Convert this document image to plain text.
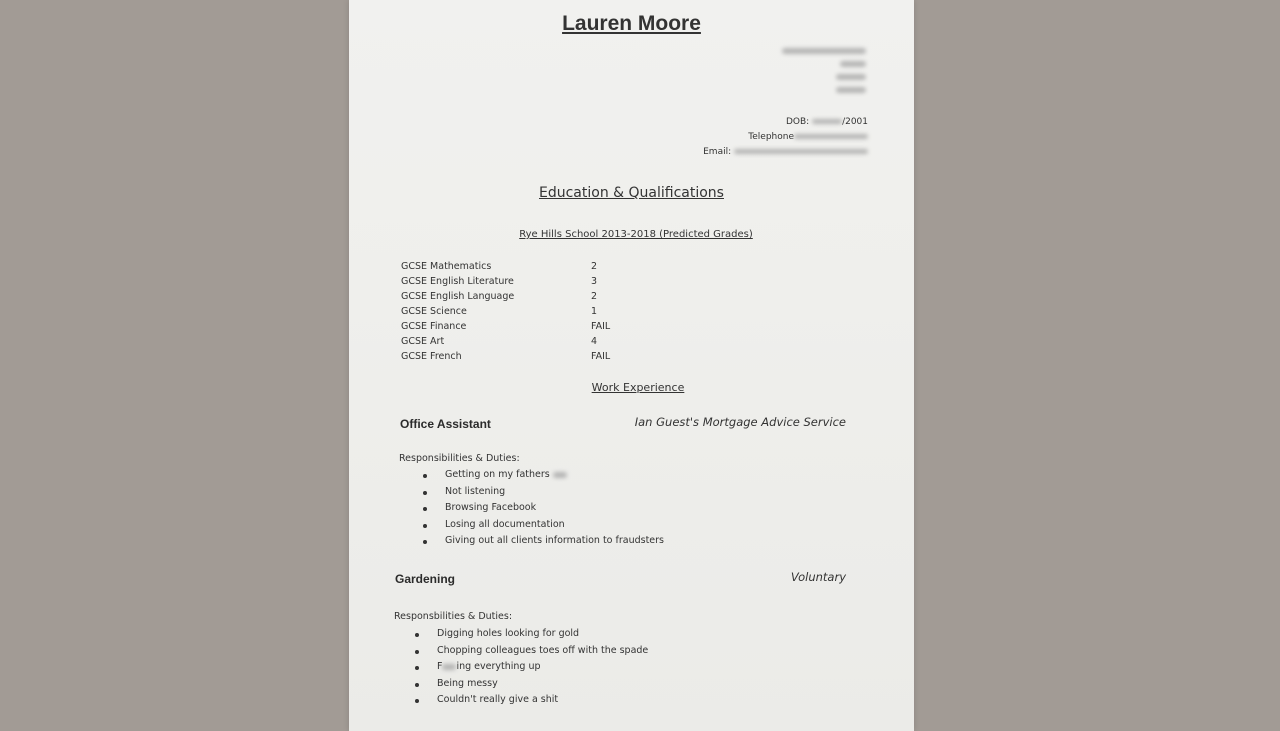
Lauren Moore
DOB:	/2001
Telephone
Email:
Education & Qualifications
Rye Hills School 2013-2018 (Predicted Grades)
GCSE Mathematics	2
GCSE English Literature	3
GCSE English Language	2
GCSE Science	1
GCSE Finance	FAIL
GCSE Art	4
GCSE French	FAIL
Work Experience
Office Assistant	Ian Guest's Mortgage Advice Service
Responsibilities & Duties:
Getting on my fathers
Not listening
Browsing Facebook
Losing all documentation
Giving out all clients information to fraudsters
Gardening	Voluntary
Responsbilities & Duties:
Digging holes looking for gold
Chopping colleagues toes off with the spade
F ing everything up
Being messy
Couldn't really give a shit
